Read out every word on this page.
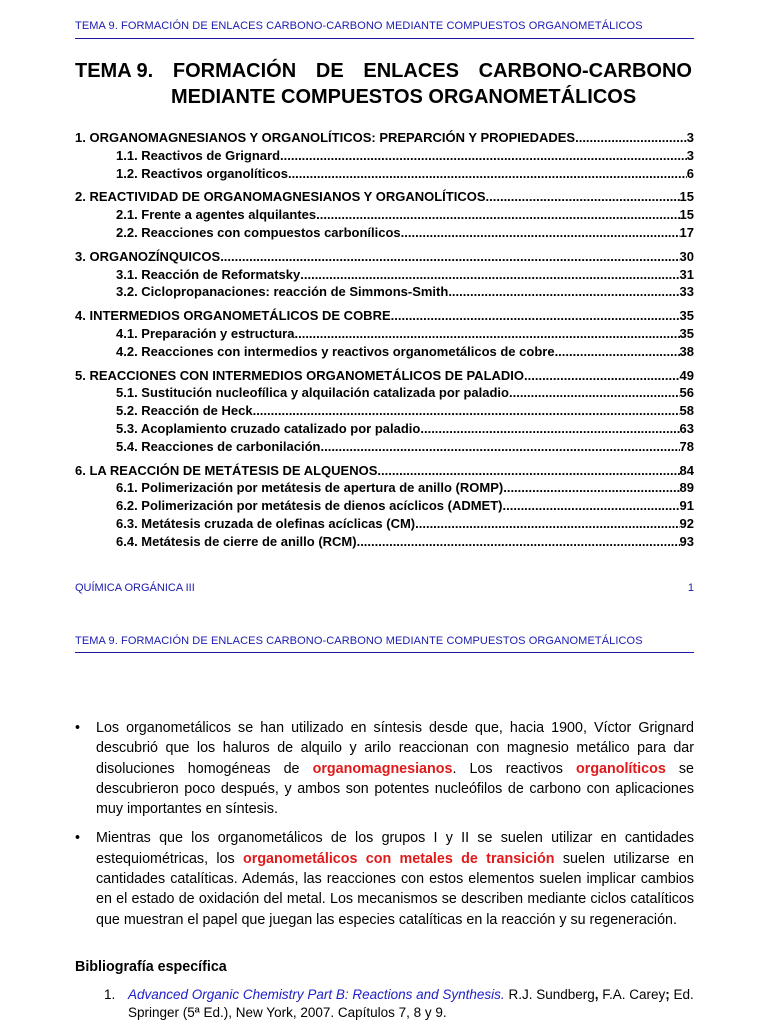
TEMA 9. FORMACIÓN DE ENLACES CARBONO-CARBONO MEDIANTE COMPUESTOS ORGANOMETÁLICOS
TEMA 9. FORMACIÓN DE ENLACES CARBONO-CARBONO
MEDIANTE COMPUESTOS ORGANOMETÁLICOS
1. ORGANOMAGNESIANOS Y ORGANOLÍTICOS: PREPARCIÓN Y PROPIEDADES .....	3
1.1. Reactivos de Grignard .....	3
1.2. Reactivos organolíticos .....	6
2. REACTIVIDAD DE ORGANOMAGNESIANOS Y ORGANOLÍTICOS .....	15
2.1. Frente a agentes alquilantes .....	15
2.2. Reacciones con compuestos carbonílicos .....	17
3. ORGANOZÍNQUICOS .....	30
3.1. Reacción de Reformatsky .....	31
3.2. Ciclopropanaciones: reacción de Simmons-Smith .....	33
4. INTERMEDIOS ORGANOMETÁLICOS DE COBRE .....	35
4.1. Preparación y estructura .....	35
4.2. Reacciones con intermedios y reactivos organometálicos de cobre .....	38
5. REACCIONES CON INTERMEDIOS ORGANOMETÁLICOS DE PALADIO .....	49
5.1. Sustitución nucleofílica y alquilación catalizada por paladio .....	56
5.2. Reacción de Heck .....	58
5.3. Acoplamiento cruzado catalizado por paladio .....	63
5.4. Reacciones de carbonilación .....	78
6. LA REACCIÓN DE METÁTESIS DE ALQUENOS .....	84
6.1. Polimerización por metátesis de apertura de anillo (ROMP) .....	89
6.2. Polimerización por metátesis de dienos acíclicos (ADMET) .....	91
6.3. Metátesis cruzada de olefinas acíclicas (CM) .....	92
6.4. Metátesis de cierre de anillo (RCM) .....	93
QUÍMICA ORGÁNICA III	1
TEMA 9. FORMACIÓN DE ENLACES CARBONO-CARBONO MEDIANTE COMPUESTOS ORGANOMETÁLICOS
•	Los organometálicos se han utilizado en síntesis desde que, hacia 1900, Víctor Grignard descubrió que los haluros de alquilo y arilo reaccionan con magnesio metálico para dar disoluciones homogéneas de organomagnesianos. Los reactivos organolíticos se descubrieron poco después, y ambos son potentes nucleófilos de carbono con aplicaciones muy importantes en síntesis.
•	Mientras que los organometálicos de los grupos I y II se suelen utilizar en cantidades estequiométricas, los organometálicos con metales de transición suelen utilizarse en cantidades catalíticas. Además, las reacciones con estos elementos suelen implicar cambios en el estado de oxidación del metal. Los mecanismos se describen mediante ciclos catalíticos que muestran el papel que juegan las especies catalíticas en la reacción y su regeneración.
Bibliografía específica
1. Advanced Organic Chemistry Part B: Reactions and Synthesis. R.J. Sundberg, F.A. Carey; Ed. Springer (5ª Ed.), New York, 2007. Capítulos 7, 8 y 9.
